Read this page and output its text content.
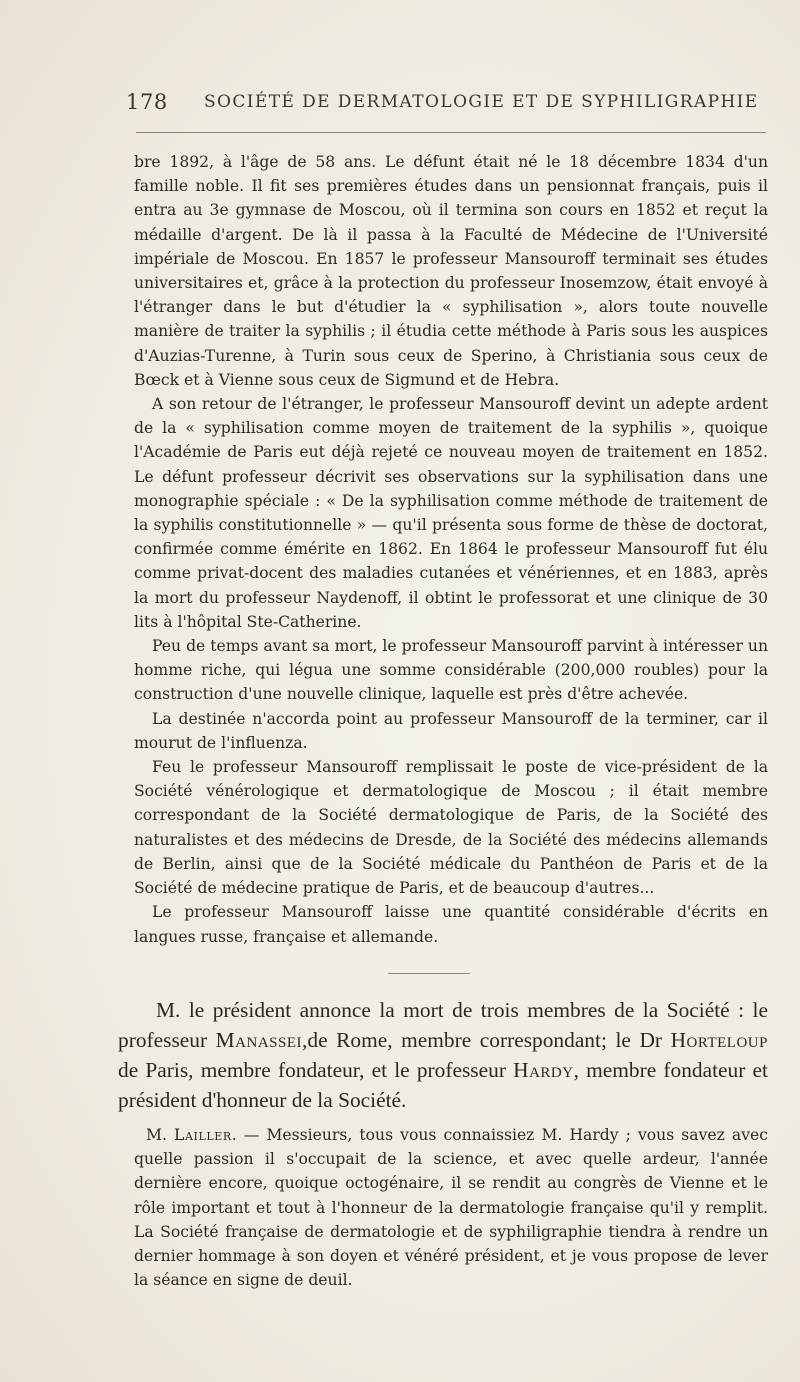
178 SOCIÉTÉ DE DERMATOLOGIE ET DE SYPHILIGRAPHIE

bre 1892, à l'âge de 58 ans. Le défunt était né le 18 décembre 1834 d'un famille noble. Il fit ses premières études dans un pensionnat français, puis il entra au 3e gymnase de Moscou, où il termina son cours en 1852 et reçut la médaille d'argent. De là il passa à la Faculté de Médecine de l'Université impériale de Moscou. En 1857 le professeur Mansouroff terminait ses études universitaires et, grâce à la protection du professeur Inosemzow, était envoyé à l'étranger dans le but d'étudier la « syphilisation », alors toute nouvelle manière de traiter la syphilis ; il étudia cette méthode à Paris sous les auspices d'Auzias-Turenne, à Turin sous ceux de Sperino, à Christiania sous ceux de Bœck et à Vienne sous ceux de Sigmund et de Hebra.

A son retour de l'étranger, le professeur Mansouroff devint un adepte ardent de la « syphilisation comme moyen de traitement de la syphilis », quoique l'Académie de Paris eut déjà rejeté ce nouveau moyen de traitement en 1852. Le défunt professeur décrivit ses observations sur la syphilisation dans une monographie spéciale : « De la syphilisation comme méthode de traitement de la syphilis constitutionnelle » — qu'il présenta sous forme de thèse de doctorat, confirmée comme émérite en 1862. En 1864 le professeur Mansouroff fut élu comme privat-docent des maladies cutanées et vénériennes, et en 1883, après la mort du professeur Naydenoff, il obtint le professorat et une clinique de 30 lits à l'hôpital Ste-Catherine.

Peu de temps avant sa mort, le professeur Mansouroff parvint à intéresser un homme riche, qui légua une somme considérable (200,000 roubles) pour la construction d'une nouvelle clinique, laquelle est près d'être achevée.

La destinée n'accorda point au professeur Mansouroff de la terminer, car il mourut de l'influenza.

Feu le professeur Mansouroff remplissait le poste de vice-président de la Société vénérologique et dermatologique de Moscou ; il était membre correspondant de la Société dermatologique de Paris, de la Société des naturalistes et des médecins de Dresde, de la Société des médecins allemands de Berlin, ainsi que de la Société médicale du Panthéon de Paris et de la Société de médecine pratique de Paris, et de beaucoup d'autres...

Le professeur Mansouroff laisse une quantité considérable d'écrits en langues russe, française et allemande.

M. le président annonce la mort de trois membres de la Société : le professeur Manassei,de Rome, membre correspondant; le Dr Horteloup de Paris, membre fondateur, et le professeur Hardy, membre fondateur et président d'honneur de la Société.
M. Lailler. — Messieurs, tous vous connaissiez M. Hardy ; vous savez avec quelle passion il s'occupait de la science, et avec quelle ardeur, l'année dernière encore, quoique octogénaire, il se rendit au congrès de Vienne et le rôle important et tout à l'honneur de la dermatologie française qu'il y remplit. La Société française de dermatologie et de syphiligraphie tiendra à rendre un dernier hommage à son doyen et vénéré président, et je vous propose de lever la séance en signe de deuil.
